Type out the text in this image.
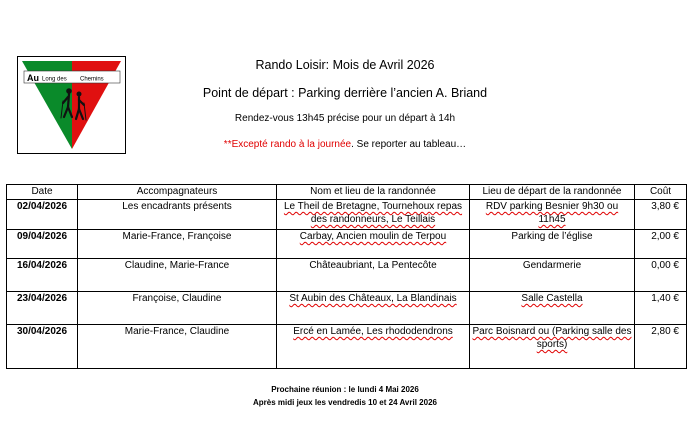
Au Long des Chemins
Rando Loisir: Mois de Avril 2026
Point de départ : Parking derrière l’ancien A. Briand
Rendez-vous 13h45 précise pour un départ à 14h
**Excepté rando à la journée. Se reporter au tableau…
Date	Accompagnateurs	Nom et lieu de la randonnée	Lieu de départ de la randonnée	Coût
02/04/2026	Les encadrants présents	Le Theil de Bretagne, Tournehoux repas des randonneurs, Le Teillais	RDV parking Besnier 9h30 ou 11h45	3,80 €
09/04/2026	Marie-France, Françoise	Carbay, Ancien moulin de Terpou	Parking de l’église	2,00 €
16/04/2026	Claudine, Marie-France	Châteaubriant, La Pentecôte	Gendarmerie	0,00 €
23/04/2026	Françoise, Claudine	St Aubin des Châteaux, La Blandinais	Salle Castella	1,40 €
30/04/2026	Marie-France, Claudine	Ercé en Lamée, Les rhododendrons	Parc Boisnard ou (Parking salle des sports)	2,80 €
Prochaine réunion : le lundi 4 Mai 2026
Après midi jeux les vendredis 10 et 24 Avril 2026
